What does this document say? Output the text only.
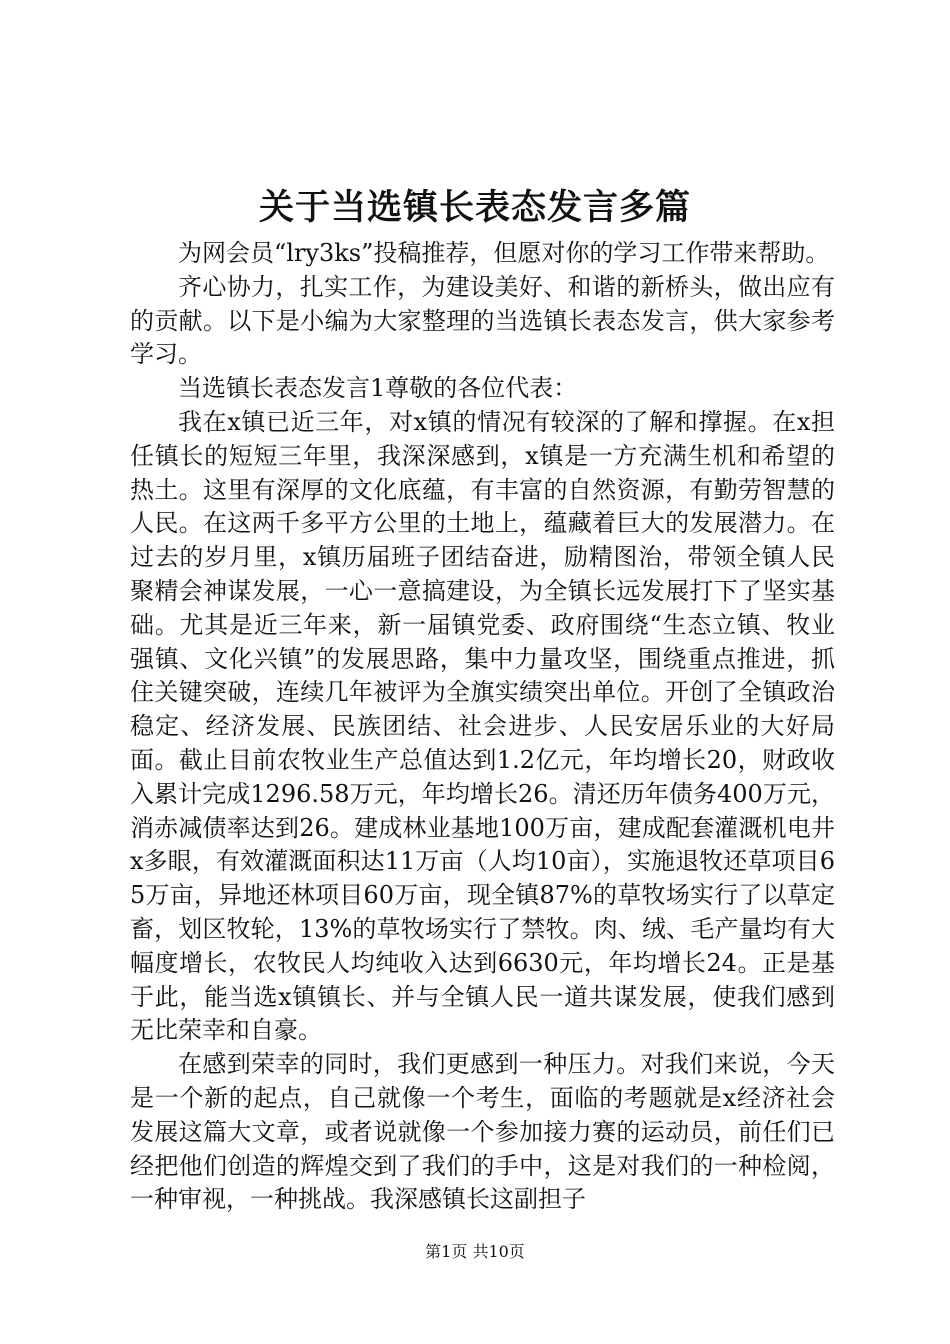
关于当选镇长表态发言多篇

为网会员“lry3ks”投稿推荐，但愿对你的学习工作带来帮助。

齐心协力，扎实工作，为建设美好、和谐的新桥头，做出应有的贡献。以下是小编为大家整理的当选镇长表态发言，供大家参考学习。

当选镇长表态发言1尊敬的各位代表：

我在x镇已近三年，对x镇的情况有较深的了解和撑握。在x担任镇长的短短三年里，我深深感到，x镇是一方充满生机和希望的热土。这里有深厚的文化底蕴，有丰富的自然资源，有勤劳智慧的人民。在这两千多平方公里的土地上，蕴藏着巨大的发展潜力。在过去的岁月里，x镇历届班子团结奋进，励精图治，带领全镇人民聚精会神谋发展，一心一意搞建设，为全镇长远发展打下了坚实基础。尤其是近三年来，新一届镇党委、政府围绕“生态立镇、牧业强镇、文化兴镇”的发展思路，集中力量攻坚，围绕重点推进，抓住关键突破，连续几年被评为全旗实绩突出单位。开创了全镇政治稳定、经济发展、民族团结、社会进步、人民安居乐业的大好局面。截止目前农牧业生产总值达到1.2亿元，年均增长20，财政收入累计完成1296.58万元，年均增长26。清还历年债务400万元，消赤减债率达到26。建成林业基地100万亩，建成配套灌溉机电井x多眼，有效灌溉面积达11万亩（人均10亩），实施退牧还草项目65万亩，异地还林项目60万亩，现全镇87%的草牧场实行了以草定畜，划区牧轮，13%的草牧场实行了禁牧。肉、绒、毛产量均有大幅度增长，农牧民人均纯收入达到6630元，年均增长24。正是基于此，能当选x镇镇长、并与全镇人民一道共谋发展，使我们感到无比荣幸和自豪。

在感到荣幸的同时，我们更感到一种压力。对我们来说，今天是一个新的起点，自己就像一个考生，面临的考题就是x经济社会发展这篇大文章，或者说就像一个参加接力赛的运动员，前任们已经把他们创造的辉煌交到了我们的手中，这是对我们的一种检阅，一种审视，一种挑战。我深感镇长这副担子

第1页 共10页
